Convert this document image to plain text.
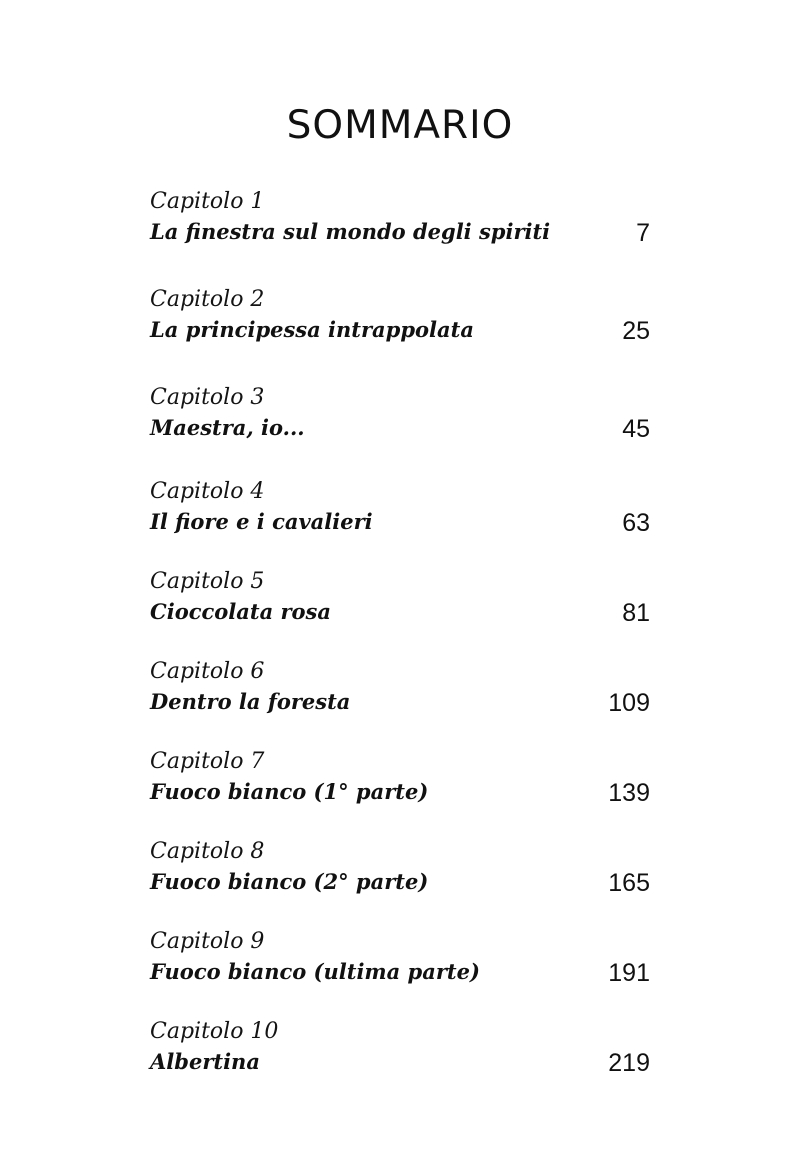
SOMMARIO
Capitolo 1
La finestra sul mondo degli spiriti	7
Capitolo 2
La principessa intrappolata	25
Capitolo 3
Maestra, io...	45
Capitolo 4
Il fiore e i cavalieri	63
Capitolo 5
Cioccolata rosa	81
Capitolo 6
Dentro la foresta	109
Capitolo 7
Fuoco bianco (1° parte)	139
Capitolo 8
Fuoco bianco (2° parte)	165
Capitolo 9
Fuoco bianco (ultima parte)	191
Capitolo 10
Albertina	219
